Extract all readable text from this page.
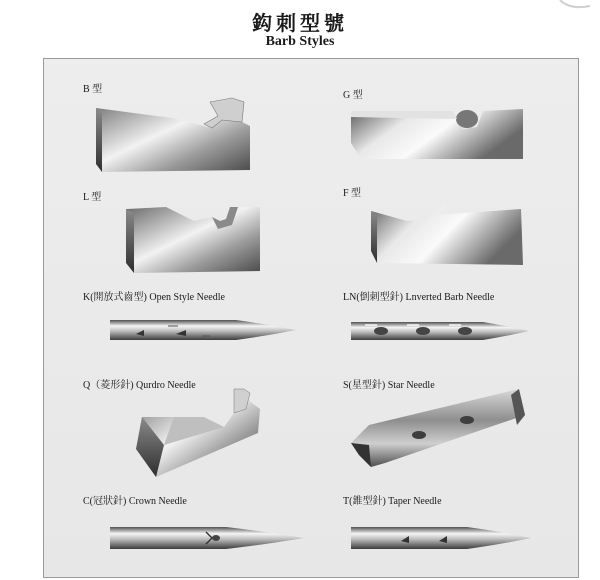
鈎刺型號
Barb Styles
B 型
G 型
L 型	F 型
K(開放式齒型) Open Style Needle	LN(倒刺型針) Lnverted Barb Needle
Q（菱形針) Qurdro Needle	S(星型針) Star Needle
C(冠狀針) Crown Needle	T(錐型針) Taper Needle
